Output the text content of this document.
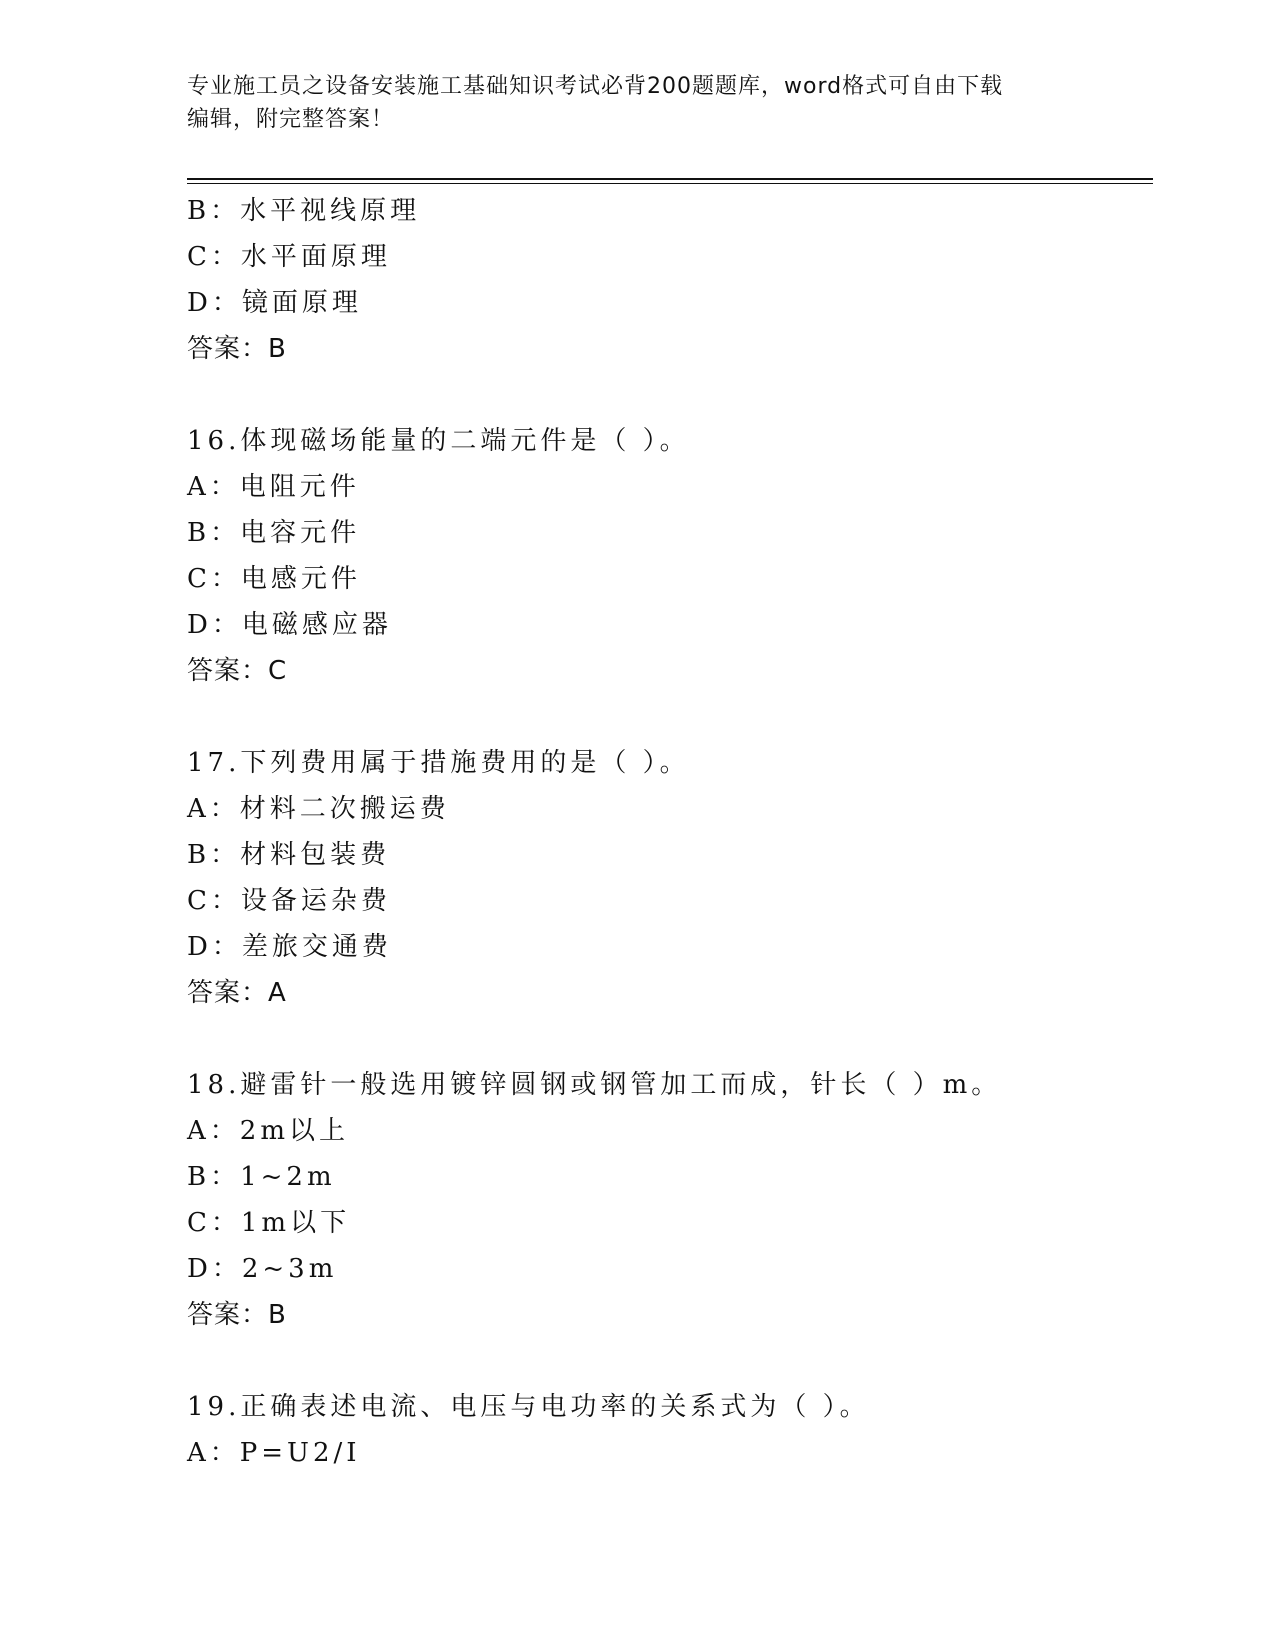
专业施工员之设备安装施工基础知识考试必背200题题库，word格式可自由下载
编辑，附完整答案！
B：水平视线原理
C：水平面原理
D：镜面原理
答案：B
16.体现磁场能量的二端元件是（ ）。
A：电阻元件
B：电容元件
C：电感元件
D：电磁感应器
答案：C
17.下列费用属于措施费用的是（ ）。
A：材料二次搬运费
B：材料包装费
C：设备运杂费
D：差旅交通费
答案：A
18.避雷针一般选用镀锌圆钢或钢管加工而成，针长（ ）m。
A：2m以上
B：1~2m
C：1m以下
D：2~3m
答案：B
19.正确表述电流、电压与电功率的关系式为（ ）。
A：P=U2/I
